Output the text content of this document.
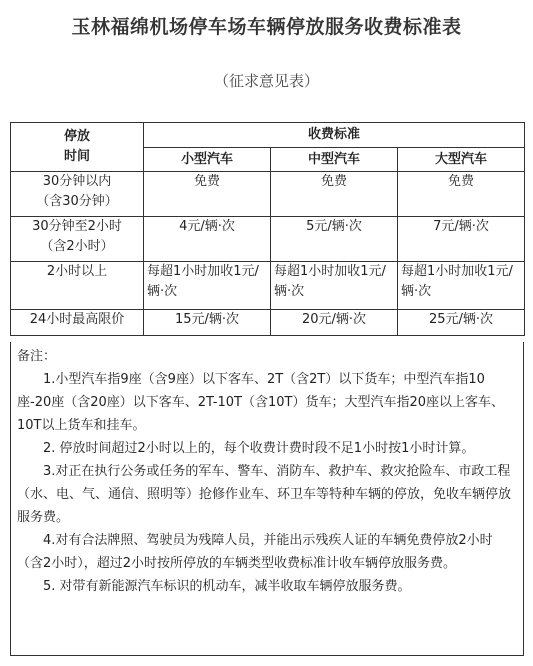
玉林福绵机场停车场车辆停放服务收费标准表
（征求意见表）
停放
时间	收费标准		
	小型汽车	中型汽车	大型汽车

30分钟以内
（含30分钟）	免费	免费	免费

30分钟至2小时
（含2小时）	4元/辆·次	5元/辆·次	7元/辆·次
2小时以上	每超1小时加收1元/辆·次	每超1小时加收1元/辆·次	每超1小时加收1元/辆·次
24小时最高限价	15元/辆·次	20元/辆·次	25元/辆·次

备注：

1.小型汽车指9座（含9座）以下客车、2T（含2T）以下货车；中型汽车指10座-20座（含20座）以下客车、2T-10T（含10T）货车；大型汽车指20座以上客车、10T以上货车和挂车。

2. 停放时间超过2小时以上的，每个收费计费时段不足1小时按1小时计算。

3.对正在执行公务或任务的军车、警车、消防车、救护车、救灾抢险车、市政工程（水、电、气、通信、照明等）抢修作业车、环卫车等特种车辆的停放，免收车辆停放服务费。

4.对有合法牌照、驾驶员为残障人员，并能出示残疾人证的车辆免费停放2小时（含2小时），超过2小时按所停放的车辆类型收费标准计收车辆停放服务费。

5. 对带有新能源汽车标识的机动车，减半收取车辆停放服务费。
